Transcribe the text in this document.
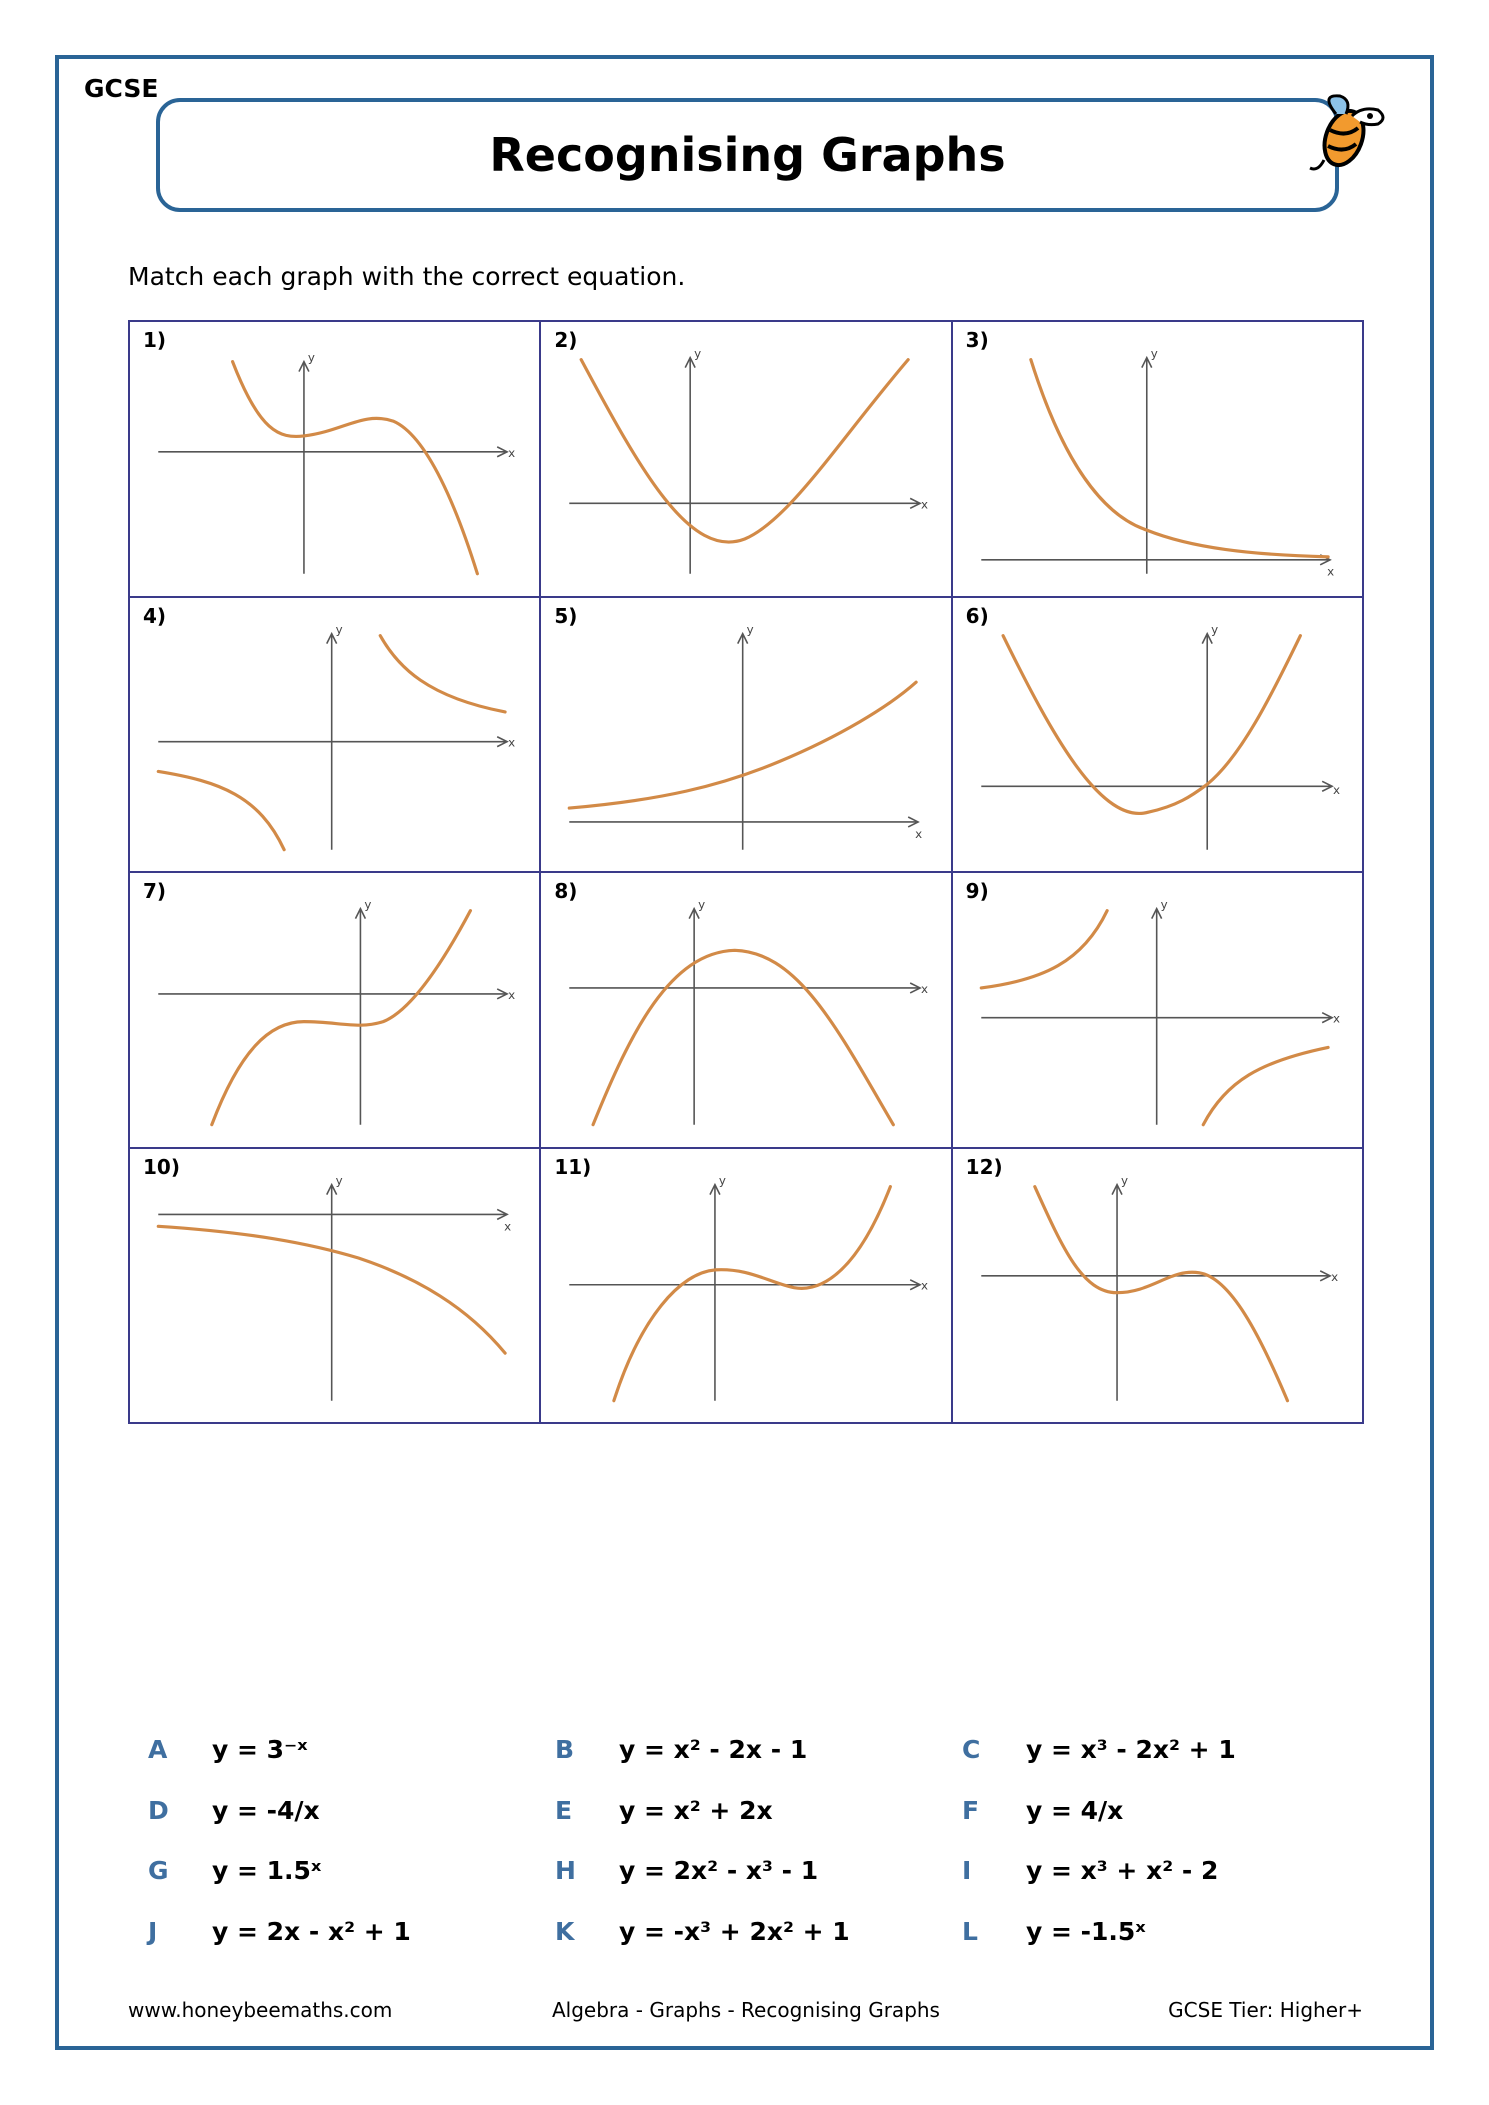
GCSE
Recognising Graphs
Match each graph with the correct equation.
1)
x
y
2)
x
y
3)
x
y
4)
x
y
5)
x
y
6)
x
y
7)
x
y
8)
x
y
9)
x
y
10)
x
y
11)
x
y
12)
x
y
A	y = 3⁻ˣ	B	y = x² - 2x - 1	C	y = x³ - 2x² + 1
D	y = -4/x	E	y = x² + 2x	F	y = 4/x
G	y = 1.5ˣ	H	y = 2x² - x³ - 1	I	y = x³ + x² - 2
J	y = 2x - x² + 1	K	y = -x³ + 2x² + 1	L	y = -1.5ˣ
www.honeybeemaths.com	Algebra - Graphs - Recognising Graphs	GCSE Tier: Higher+
